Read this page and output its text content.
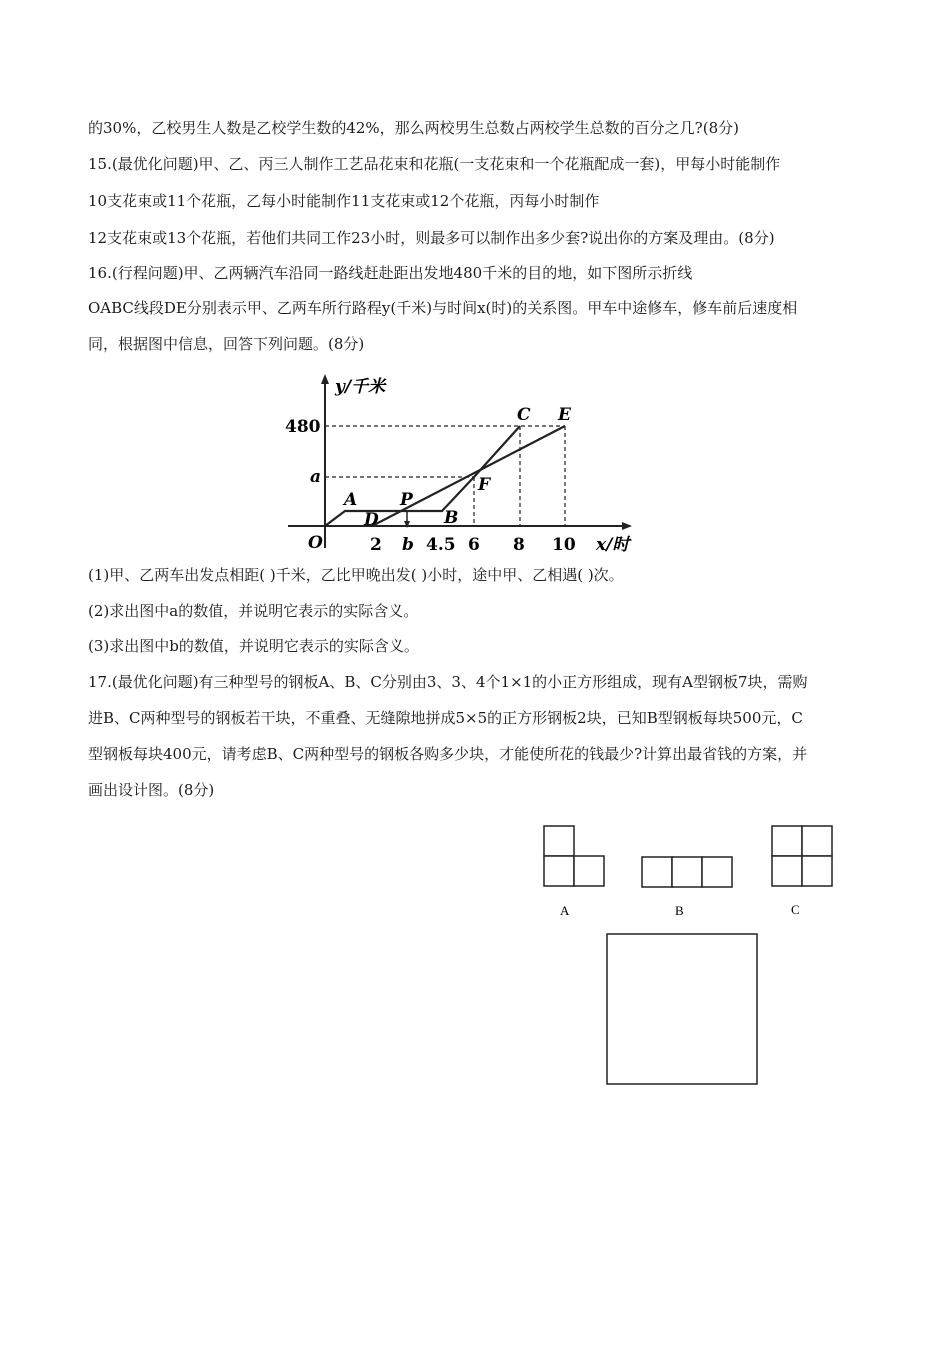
的30%，乙校男生人数是乙校学生数的42%，那么两校男生总数占两校学生总数的百分之几?(8分)
15.(最优化问题)甲、乙、丙三人制作工艺品花束和花瓶(一支花束和一个花瓶配成一套)，甲每小时能制作
10支花束或11个花瓶，乙每小时能制作11支花束或12个花瓶，丙每小时制作
12支花束或13个花瓶，若他们共同工作23小时，则最多可以制作出多少套?说出你的方案及理由。(8分)
16.(行程问题)甲、乙两辆汽车沿同一路线赶赴距出发地480千米的目的地，如下图所示折线
OABC线段DE分别表示甲、乙两车所行路程y(千米)与时间x(时)的关系图。甲车中途修车，修车前后速度相
同，根据图中信息，回答下列问题。(8分)
A	P
D	B
F
C E
y/千米
x/时
O
480
a
2 b 4.5 6 8 10
(1)甲、乙两车出发点相距( )千米，乙比甲晚出发( )小时，途中甲、乙相遇( )次。
(2)求出图中a的数值，并说明它表示的实际含义。
(3)求出图中b的数值，并说明它表示的实际含义。
17.(最优化问题)有三种型号的钢板A、B、C分别由3、3、4个1×1的小正方形组成，现有A型钢板7块，需购
进B、C两种型号的钢板若干块，不重叠、无缝隙地拼成5×5的正方形钢板2块，已知B型钢板每块500元，C
型钢板每块400元，请考虑B、C两种型号的钢板各购多少块，才能使所花的钱最少?计算出最省钱的方案，并
画出设计图。(8分)
A	B	C
